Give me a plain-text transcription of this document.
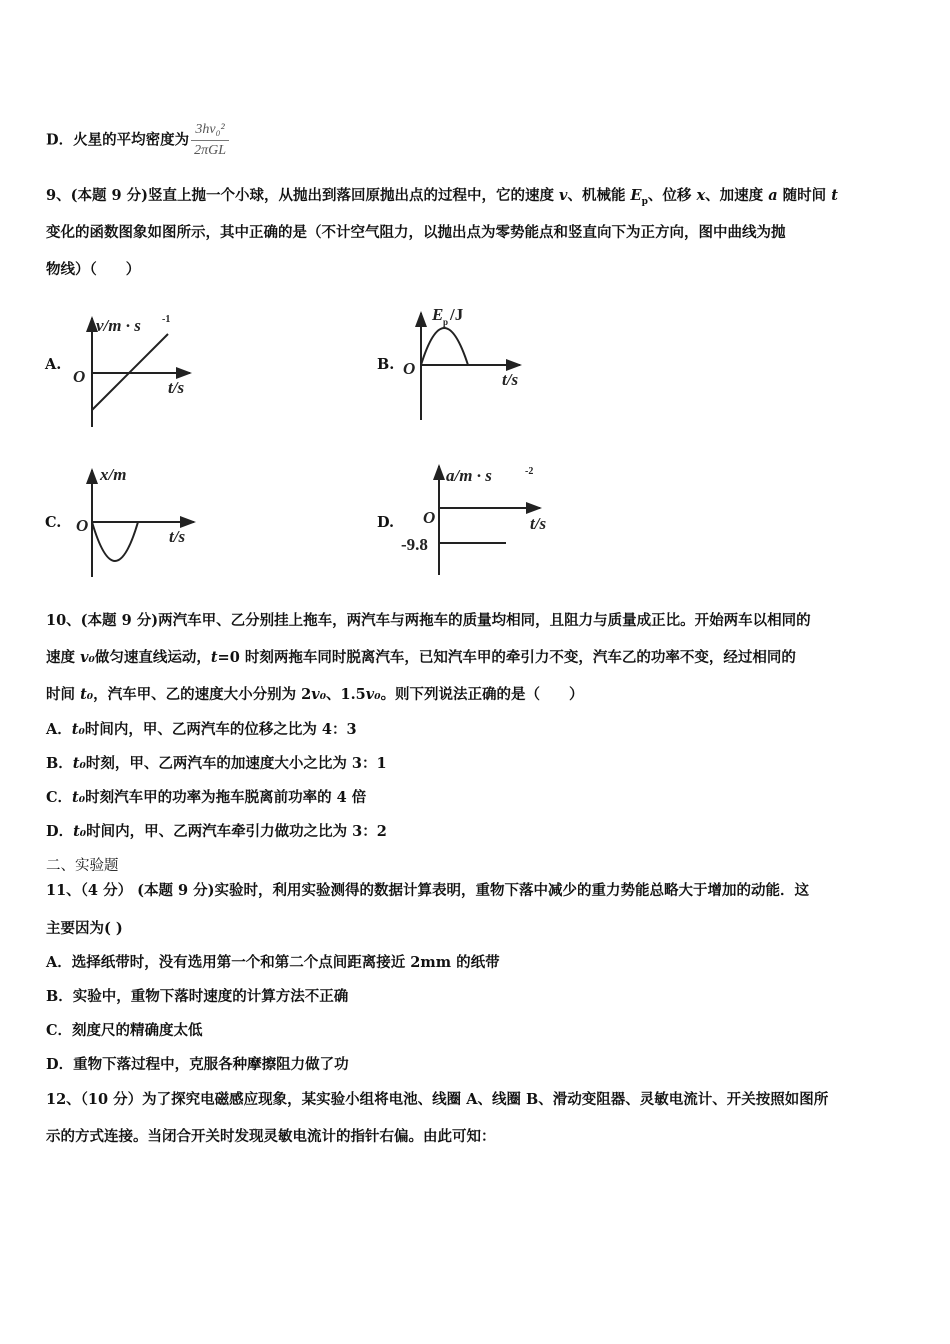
D．火星的平均密度为 $\frac{\text{3hv₀²}}{\text{2πGL}}$
9、(本题 9 分)竖直上抛一个小球，从抛出到落回原抛出点的过程中，它的速度 v、机械能 $E_p$、位移 x、加速度 a 随时间 t
变化的函数图象如图所示，其中正确的是（不计空气阻力，以抛出点为零势能点和竖直向下为正方向，图中曲线为抛
物线）（　　）
A.	B.
C.	D.
v/m · s -1
O
t/s
E p /J
O
t/s
x/m
O
t/s
a/m · s	-2
O	t/s
-9.8
10、(本题 9 分)两汽车甲、乙分别挂上拖车，两汽车与两拖车的质量均相同，且阻力与质量成正比。开始两车以相同的
速度 v₀做匀速直线运动，t=0 时刻两拖车同时脱离汽车，已知汽车甲的牵引力不变，汽车乙的功率不变，经过相同的
时间 t₀，汽车甲、乙的速度大小分别为 2v₀、1.5v₀。则下列说法正确的是（　　）
A．t₀时间内，甲、乙两汽车的位移之比为 4：3
B．t₀时刻，甲、乙两汽车的加速度大小之比为 3：1
C．t₀时刻汽车甲的功率为拖车脱离前功率的 4 倍
D．t₀时间内，甲、乙两汽车牵引力做功之比为 3：2
二、实验题
11、（4 分） (本题 9 分)实验时，利用实验测得的数据计算表明，重物下落中减少的重力势能总略大于增加的动能．这
主要因为( )
A．选择纸带时，没有选用第一个和第二个点间距离接近 2mm 的纸带
B．实验中，重物下落时速度的计算方法不正确
C．刻度尺的精确度太低
D．重物下落过程中，克服各种摩擦阻力做了功
12、（10 分）为了探究电磁感应现象，某实验小组将电池、线圈 A、线圈 B、滑动变阻器、灵敏电流计、开关按照如图所
示的方式连接。当闭合开关时发现灵敏电流计的指针右偏。由此可知：
